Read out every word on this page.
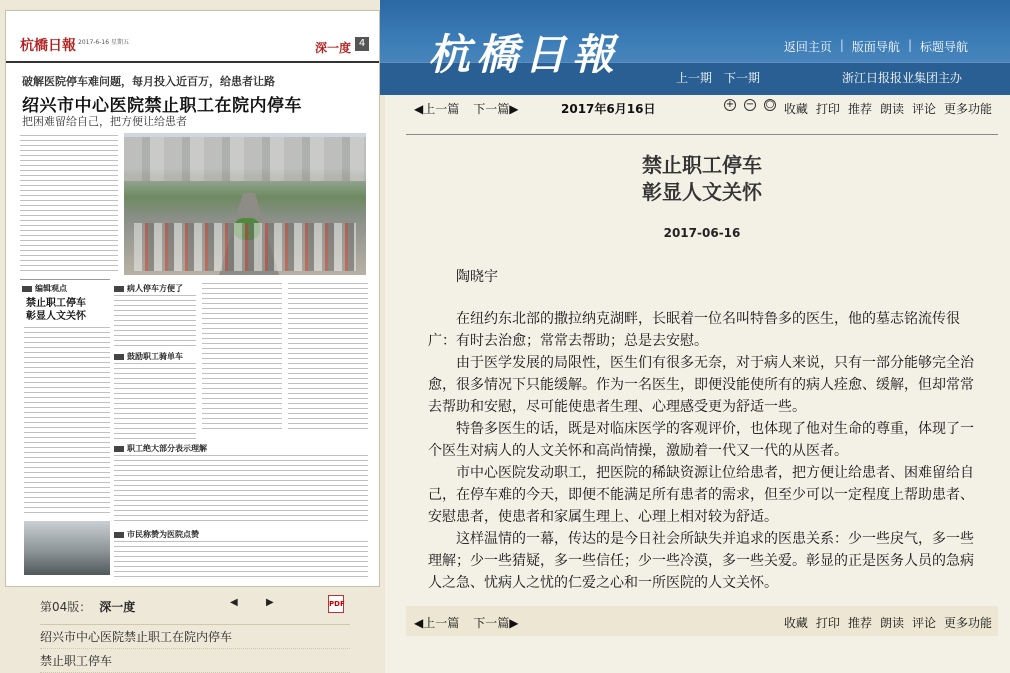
杭橋日報 2017-6-16 星期五	深一度 4
破解医院停车难问题，每月投入近百万，给患者让路
绍兴市中心医院禁止职工在院内停车
把困难留给自己，把方便让给患者
编辑观点
禁止职工停车
彰显人文关怀
病人停车方便了
鼓励职工骑单车
职工绝大部分表示理解
市民称赞为医院点赞
第04版： 深一度	◀	▶	PDF
绍兴市中心医院禁止职工在院内停车
禁止职工停车
杭橋日報	返回主页 | 版面导航 | 标题导航
上一期 下一期	浙江日报报业集团主办
◀上一篇 下一篇▶	2017年6月16日	+ − ○ 收藏 打印 推荐 朗读 评论 更多功能
禁止职工停车
彰显人文关怀
2017-06-16
陶晓宇

在纽约东北部的撒拉纳克湖畔，长眠着一位名叫特鲁多的医生，他的墓志铭流传很广：有时去治愈；常常去帮助；总是去安慰。

由于医学发展的局限性，医生们有很多无奈，对于病人来说，只有一部分能够完全治愈，很多情况下只能缓解。作为一名医生，即便没能使所有的病人痊愈、缓解，但却常常去帮助和安慰，尽可能使患者生理、心理感受更为舒适一些。

特鲁多医生的话，既是对临床医学的客观评价，也体现了他对生命的尊重，体现了一个医生对病人的人文关怀和高尚情操，激励着一代又一代的从医者。

市中心医院发动职工，把医院的稀缺资源让位给患者，把方便让给患者、困难留给自己，在停车难的今天，即便不能满足所有患者的需求，但至少可以一定程度上帮助患者、安慰患者，使患者和家属生理上、心理上相对较为舒适。

这样温情的一幕，传达的是今日社会所缺失并追求的医患关系：少一些戾气，多一些理解；少一些猜疑，多一些信任；少一些冷漠，多一些关爱。彰显的正是医务人员的急病人之急、忧病人之忧的仁爱之心和一所医院的人文关怀。

◀上一篇 下一篇▶	收藏 打印 推荐 朗读 评论 更多功能
